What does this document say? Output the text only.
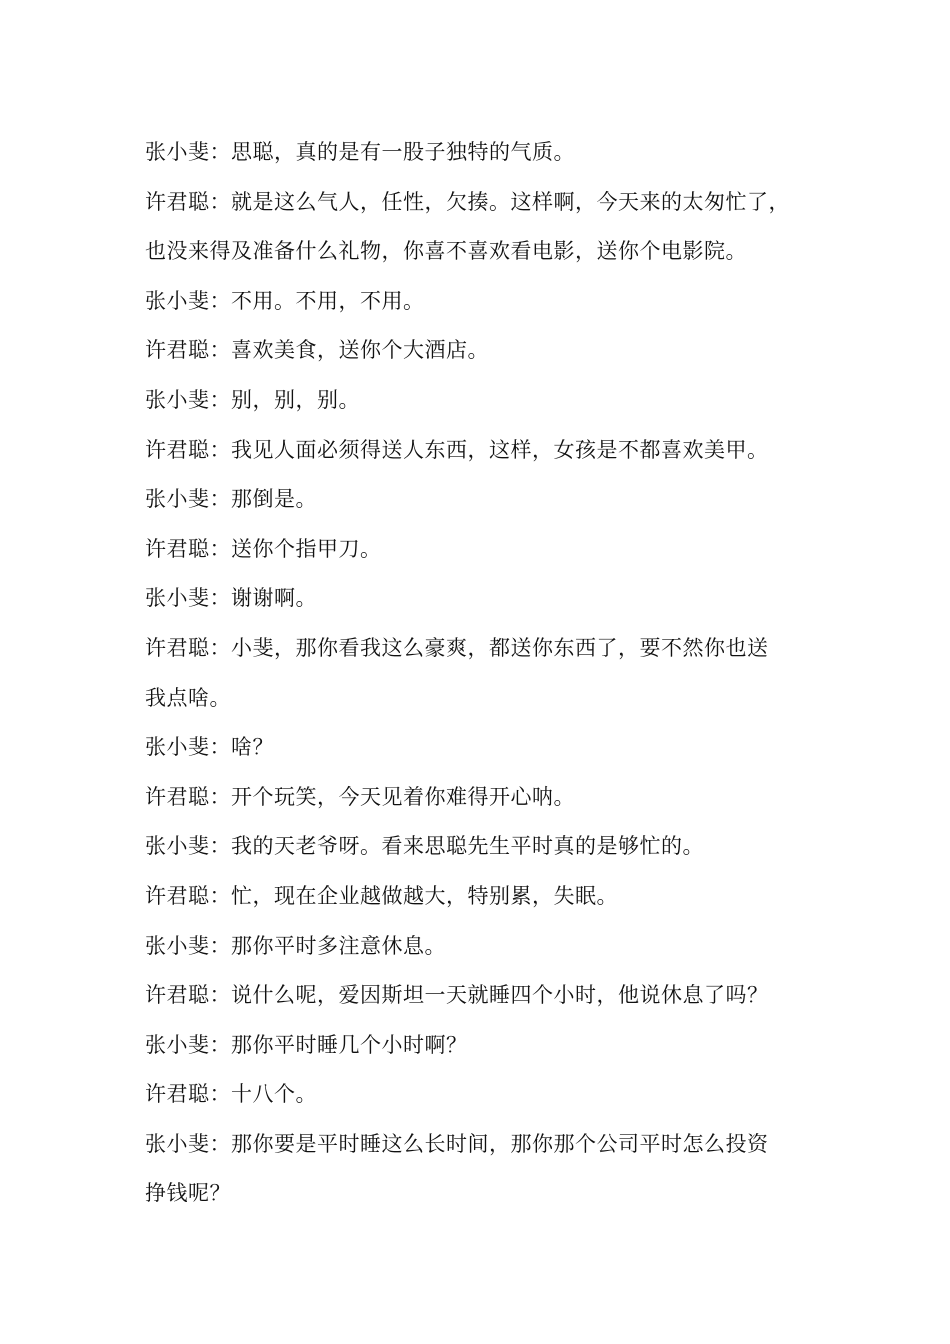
张小斐：思聪，真的是有一股子独特的气质。
许君聪：就是这么气人，任性，欠揍。这样啊，今天来的太匆忙了，
也没来得及准备什么礼物，你喜不喜欢看电影，送你个电影院。
张小斐：不用。不用，不用。
许君聪：喜欢美食，送你个大酒店。
张小斐：别，别，别。
许君聪：我见人面必须得送人东西，这样，女孩是不都喜欢美甲。
张小斐：那倒是。
许君聪：送你个指甲刀。
张小斐：谢谢啊。
许君聪：小斐，那你看我这么豪爽，都送你东西了，要不然你也送
我点啥。
张小斐：啥？
许君聪：开个玩笑，今天见着你难得开心呐。
张小斐：我的天老爷呀。看来思聪先生平时真的是够忙的。
许君聪：忙，现在企业越做越大，特别累，失眠。
张小斐：那你平时多注意休息。
许君聪：说什么呢，爱因斯坦一天就睡四个小时，他说休息了吗？
张小斐：那你平时睡几个小时啊？
许君聪：十八个。
张小斐：那你要是平时睡这么长时间，那你那个公司平时怎么投资
挣钱呢？
